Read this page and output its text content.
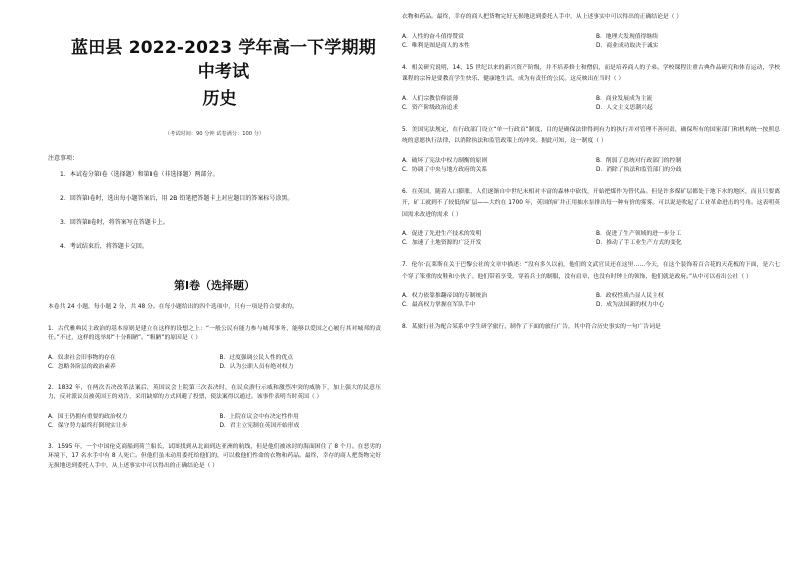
蓝田县 2022-2023 学年高一下学期期中考试
历史
（考试时间：90 分钟 试卷满分：100 分）
注意事项：
1．本试卷分第Ⅰ卷（选择题）和第Ⅱ卷（非选择题）两部分。
2．回答第Ⅰ卷时，选出每小题答案后，用 2B 铅笔把答题卡上对应题目的答案标号涂黑。
3．回答第Ⅱ卷时，将答案写在答题卡上。
4．考试结束后，将答题卡交回。
第Ⅰ卷（选择题）
本卷共 24 小题，每小题 2 分，共 48 分。在每小题给出的四个选项中，只有一项是符合要求的。
1．古代雅典民主政治的基本原则是建立在这样的设想之上：“一般公民有能力参与城邦事务，能够以爱国之心履行其对城邦的责任。”不过，这样的选举却“十分粗陋”。“粗陋”的原因是（ ）
A．奴隶社会旧事物的存在	B．过度强调公民人性的优点
C．忽略各阶层的政治素养	D．认为公职人员有绝对权力
2．1832 年，在两次否决改革法案后，英国议会上院第三次表决时，在民众游行示威和激烈冲突的威胁下，加上强大的民意压力，反对派议员被英国王的劝告，采用缺席的方式回避了投票，使法案得以通过。该事件表明当时英国（ ）
A．国王仍拥有重要的政治权力	B．上院在议会中有决定性作用
C．保守势力最终打倒现实让步	D．君主立宪制在英国开始形成
3．1595 年，一个中国伦克商船到荷兰船长，试图找到从北面到达亚洲的航线，但是他们被冰封的海面困住了 8 个月。在恶劣的环境下，17 名水手中有 8 人死亡。但他们虽未动用委托给他们的，可以救他们性命的衣物和药品。最终，幸存的商人把货物完好无损地送到委托人手中，从上述事实中可以得出的正确结论是（ ）
衣物和药品。最终，幸存的商人把货物完好无损地送到委托人手中，从上述事实中可以得出的正确结论是（ ）
A．人性的奋斗值得赞赏	B．地理大发现值得继续
C．唯利是图是商人的本性	D．商业成功取决于诚实
4．相关研究说明，14、15 世纪以来的新兴资产阶级，并不培养修士和僧侣，而是培养商人的子弟。学校课程注重古典作品研究和体育运动，学校课程的宗旨是要教育学生快乐、健康地生活，成为有责任的公民。这反映出在当时（ ）
A．人们宗教信仰淡薄	B．商业发展成为主流
C．资产阶级政治追求	D．人文主义思潮兴起
5．美国宪法规定，在行政部门设立“单一行政首”制度，目的是确保法律得到有力的执行并对管理不善问责，确保所有的国家部门和机构统一按照总统的意愿执行法律，以消除执法和监管政策上的冲突。据此可知，这一制度（ ）
A．破坏了宪法中权力制衡的原则	B．削弱了总统对行政部门的控制
C．协调了中央与地方政府的关系	D．消除了执法和监管部门的分歧
6．在英国，随着人口膨胀，人们逐渐自中世纪末相对丰富的森林中砍伐，开始把煤作为替代品。但是许多煤矿层都处于地下水的地区，而且只要离开，矿工就到不了较低的矿层——大约在 1700 年，英国的矿井正用抽水泵排出每一种有价的雾雾。可以说是吹起了工业革命进击的号角。这表明英国需求改进的需求（ ）
A．促进了先进生产技术的发明	B．促进了生产领域的进一步分工
C．加速了土地资源的广泛开发	D．推动了手工业生产方式的变化
7．伦尔·瓦莱斯在关于巴黎公社的文章中描述：“没有多久以前，他们的文武官员还在这里……今天，在这个装饰着百合花的天花板的下面，是六七个穿了笨重的皮鞋和小伙子。他们带着享受，穿着兵士的制服，没有肩章，也没有时钟上的领饰，他们就是政府。”从中可以看出公社（ ）
A．权力依靠推翻帝国的专制统治	B．政权性质凸显人民主权
C．最高权力掌握在军队手中	D．成为法国新的权力中心
8．某旅行社为配合某系中学生研学旅行，制作了下面的旅行广告，其中符合历史事实的一句广告词是
